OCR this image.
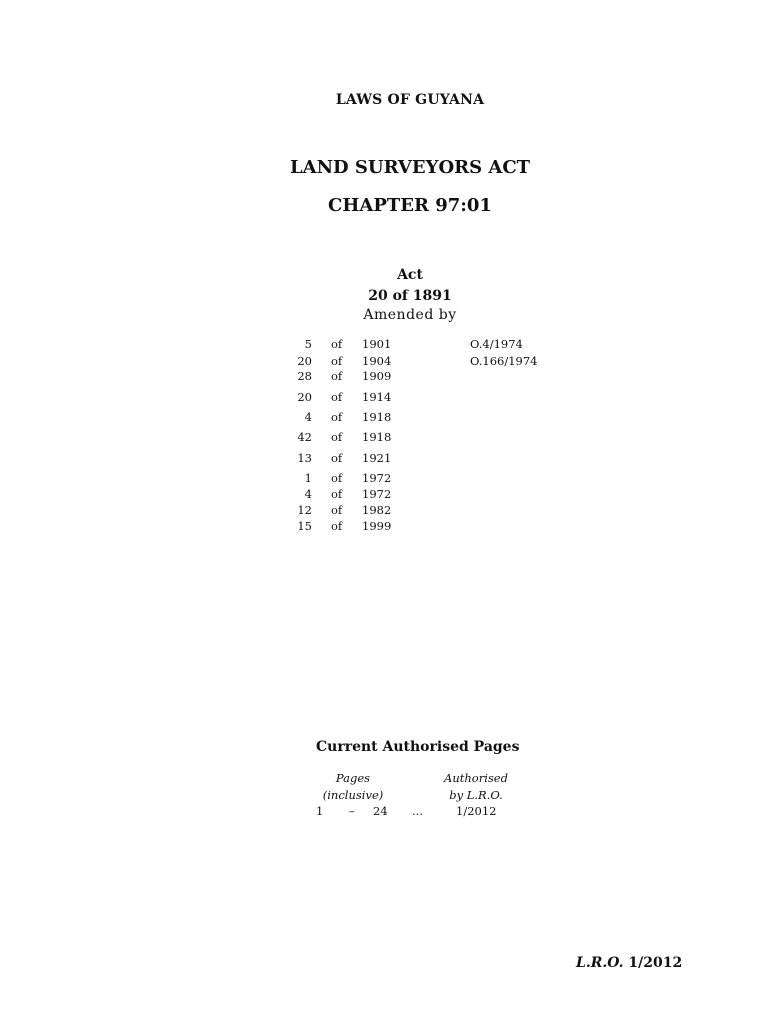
LAWS OF GUYANA
LAND SURVEYORS ACT
CHAPTER 97:01
Act
20 of 1891
Amended by
5 of 1901
20 of 1904
28 of 1909
20 of 1914
4 of 1918
42 of 1918
13 of 1921
1 of 1972
4 of 1972
12 of 1982
15 of 1999
O.4/1974
O.166/1974
Current Authorised Pages
Pages
(inclusive)
Authorised
by L.R.O.
1 – 24 ...	1/2012
L.R.O. 1/2012
